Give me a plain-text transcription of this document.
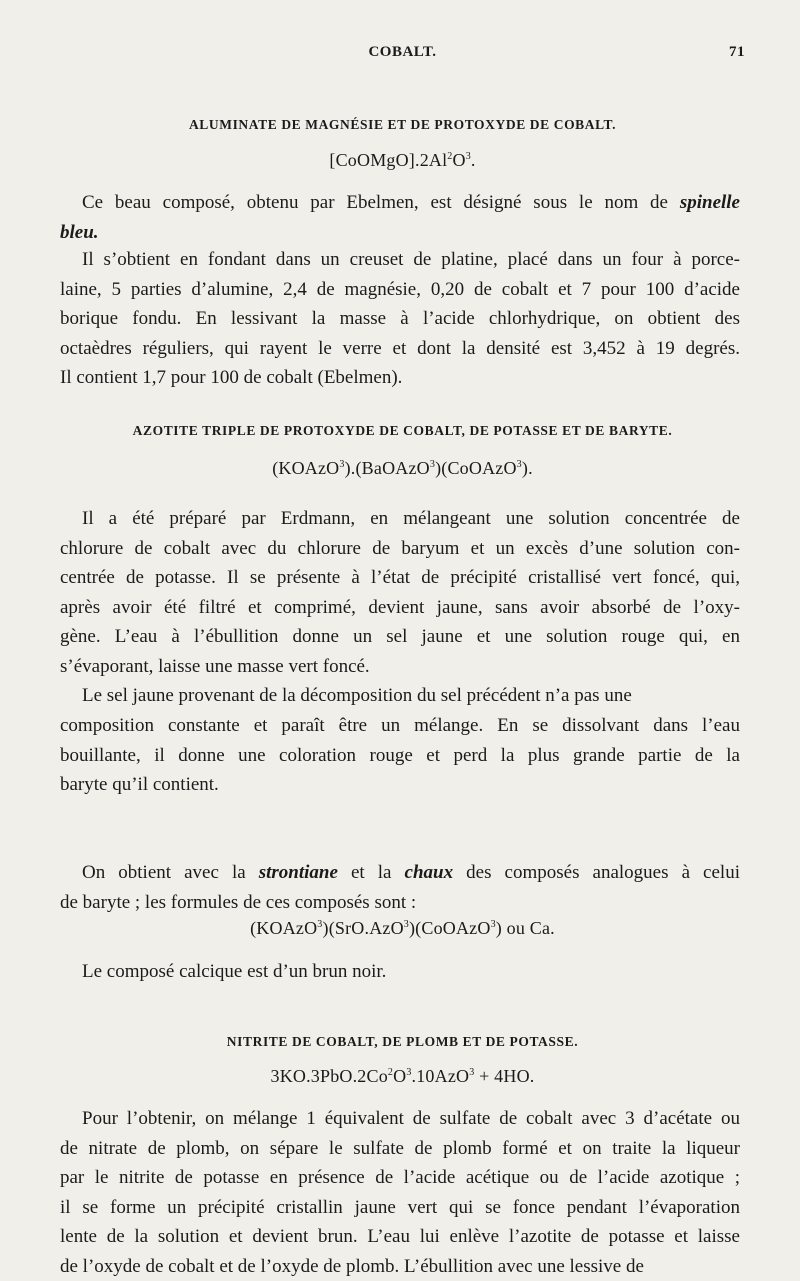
COBALT.	71
ALUMINATE DE MAGNÉSIE ET DE PROTOXYDE DE COBALT.
$[CoOMgO].2Al^2O^3$.
Ce beau composé, obtenu par Ebelmen, est désigné sous le nom de spinelle
bleu.
Il s’obtient en fondant dans un creuset de platine, placé dans un four à porce-
laine, 5 parties d’alumine, 2,4 de magnésie, 0,20 de cobalt et 7 pour 100 d’acide
borique fondu. En lessivant la masse à l’acide chlorhydrique, on obtient des
octaèdres réguliers, qui rayent le verre et dont la densité est 3,452 à 19 degrés.
Il contient 1,7 pour 100 de cobalt (Ebelmen).
AZOTITE TRIPLE DE PROTOXYDE DE COBALT, DE POTASSE ET DE BARYTE.
(KOAzO$^3$).(BaOAzO$^3$)(CoOAzO$^3$).
Il a été préparé par Erdmann, en mélangeant une solution concentrée de
chlorure de cobalt avec du chlorure de baryum et un excès d’une solution con-
centrée de potasse. Il se présente à l’état de précipité cristallisé vert foncé, qui,
après avoir été filtré et comprimé, devient jaune, sans avoir absorbé de l’oxy-
gène. L’eau à l’ébullition donne un sel jaune et une solution rouge qui, en
s’évaporant, laisse une masse vert foncé.
Le sel jaune provenant de la décomposition du sel précédent n’a pas une
composition constante et paraît être un mélange. En se dissolvant dans l’eau
bouillante, il donne une coloration rouge et perd la plus grande partie de la
baryte qu’il contient.
On obtient avec la strontiane et la chaux des composés analogues à celui
de baryte ; les formules de ces composés sont :
(KOAzO$^3$)(SrO.AzO$^3$)(CoOAzO$^3$) ou Ca.
Le composé calcique est d’un brun noir.
NITRITE DE COBALT, DE PLOMB ET DE POTASSE.
$3KO.3PbO.2Co^2O^3.10AzO^3 + 4HO$.
Pour l’obtenir, on mélange 1 équivalent de sulfate de cobalt avec 3 d’acétate ou
de nitrate de plomb, on sépare le sulfate de plomb formé et on traite la liqueur
par le nitrite de potasse en présence de l’acide acétique ou de l’acide azotique ;
il se forme un précipité cristallin jaune vert qui se fonce pendant l’évaporation
lente de la solution et devient brun. L’eau lui enlève l’azotite de potasse et laisse
de l’oxyde de cobalt et de l’oxyde de plomb. L’ébullition avec une lessive de
